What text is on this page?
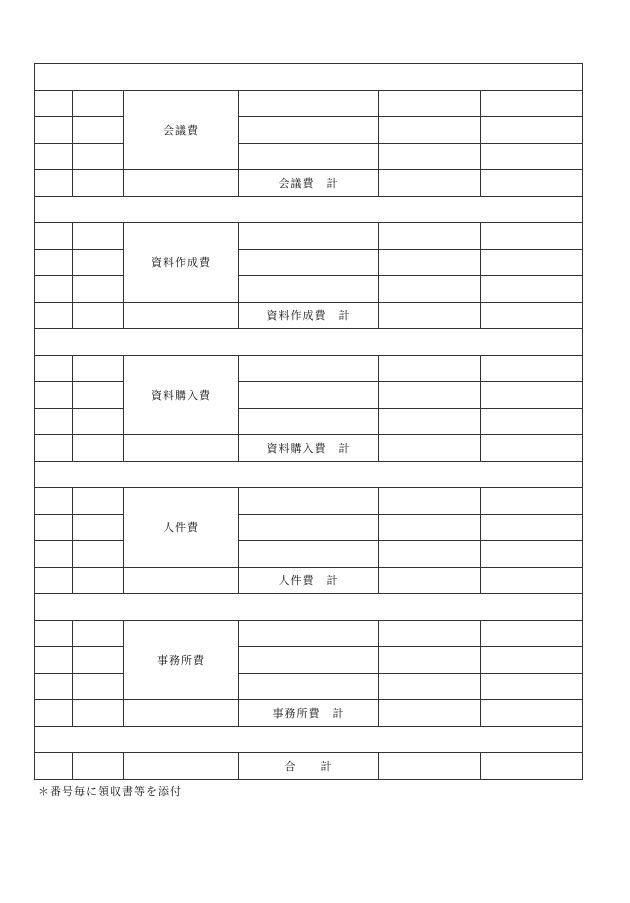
		会議費			

			会議費　計		

		資料作成費			

			資料作成費　計		

		資料購入費			

			資料購入費　計		

		人件費			

			人件費　計		

		事務所費			

			事務所費　計		

			合　　計		
＊番号毎に領収書等を添付
